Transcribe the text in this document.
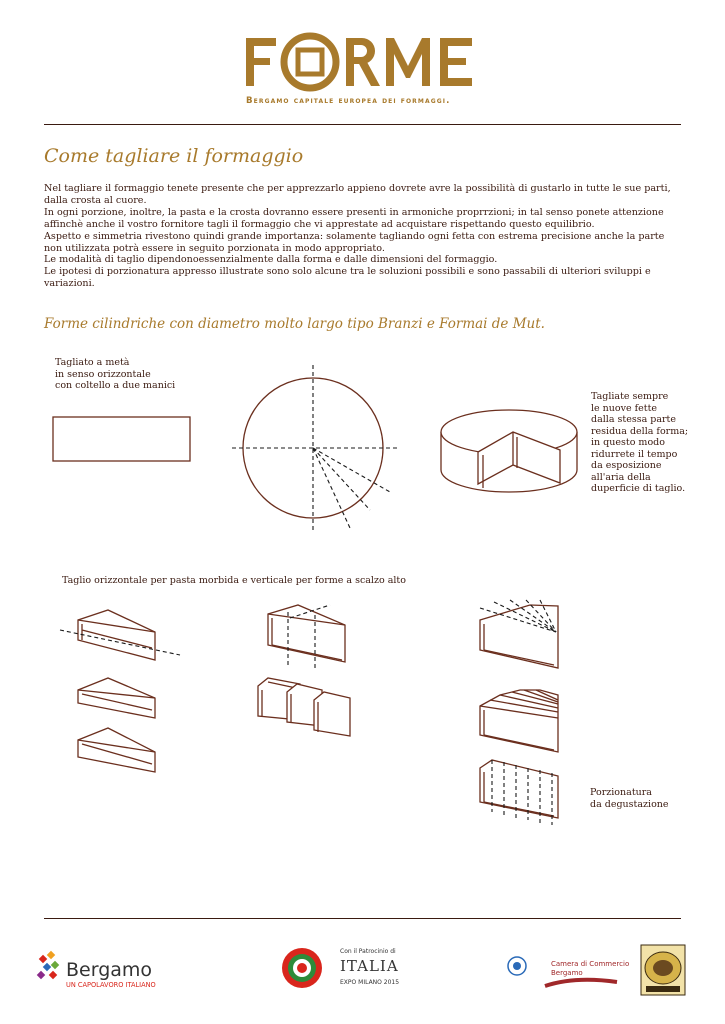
FORME
Bergamo capitale europea dei formaggi.
Come tagliare il formaggio

Nel tagliare il formaggio tenete presente che per apprezzarlo appieno dovrete avre la possibilità di gustarlo in tutte le sue parti, dalla crosta al cuore.

In ogni porzione, inoltre, la pasta e la crosta dovranno essere presenti in armoniche proprrzioni; in tal senso ponete attenzione affinchè anche il vostro fornitore tagli il formaggio che vi apprestate ad acquistare rispettando questo equilibrio.

Aspetto e simmetria rivestono quindi grande importanza: solamente tagliando ogni fetta con estrema precisione anche la parte non utilizzata potrà essere in seguito porzionata in modo appropriato.

Le modalità di taglio dipendonoessenzialmente dalla forma e dalle dimensioni del formaggio.

Le ipotesi di porzionatura appresso illustrate sono solo alcune tra le soluzioni possibili e sono passabili di ulteriori sviluppi e variazioni.

Forme cilindriche con diametro molto largo tipo Branzi e Formai de Mut.
Tagliato a metà
in senso orizzontale
con coltello a due manici
Tagliate sempre
le nuove fette
dalla stessa parte
residua della forma;
in questo modo
ridurrete il tempo
da esposizione
all'aria della
duperficie di taglio.
Taglio orizzontale per pasta morbida e verticale per forme a scalzo alto
Porzionatura
da degustazione
Bergamo
UN CAPOLAVORO ITALIANO
Con il Patrocinio di
ITALIA
EXPO MILANO 2015
Camera di Commercio
Bergamo
